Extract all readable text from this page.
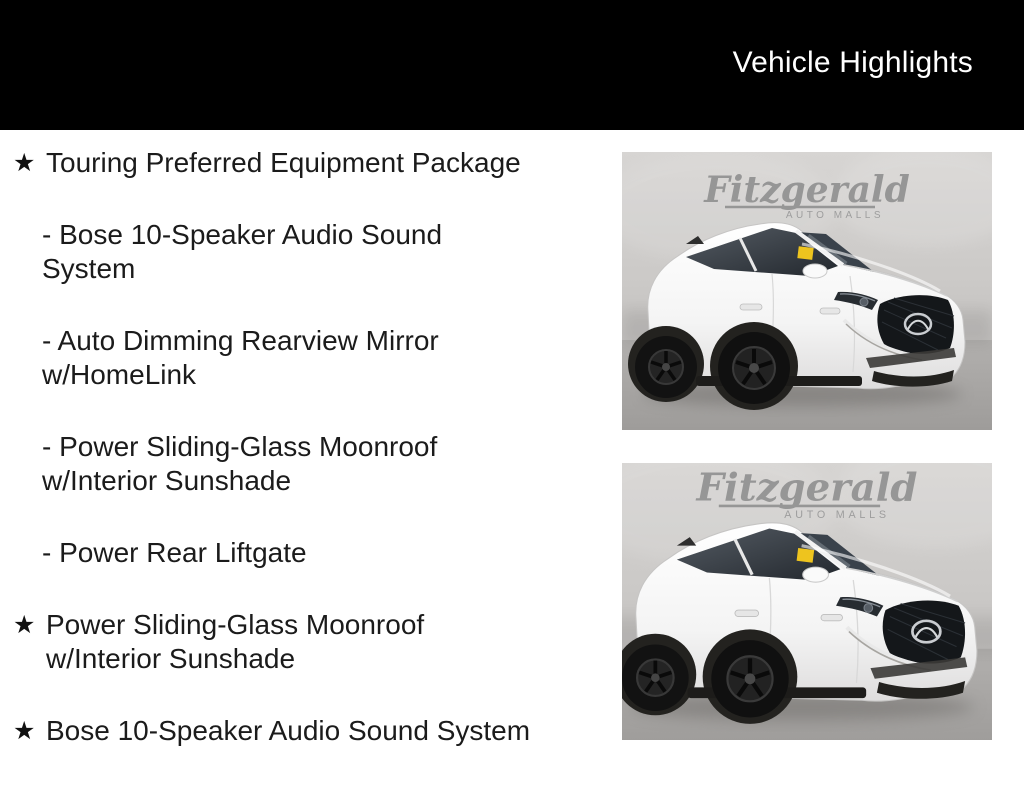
Vehicle Highlights
★ Touring Preferred Equipment Package
- Bose 10-Speaker Audio Sound System
- Auto Dimming Rearview Mirror w/HomeLink
- Power Sliding-Glass Moonroof w/Interior Sunshade
- Power Rear Liftgate
★ Power Sliding-Glass Moonroof w/Interior Sunshade
★ Bose 10-Speaker Audio Sound System
Fitzgerald
AUTO MALLS
Fitzgerald
AUTO MALLS
